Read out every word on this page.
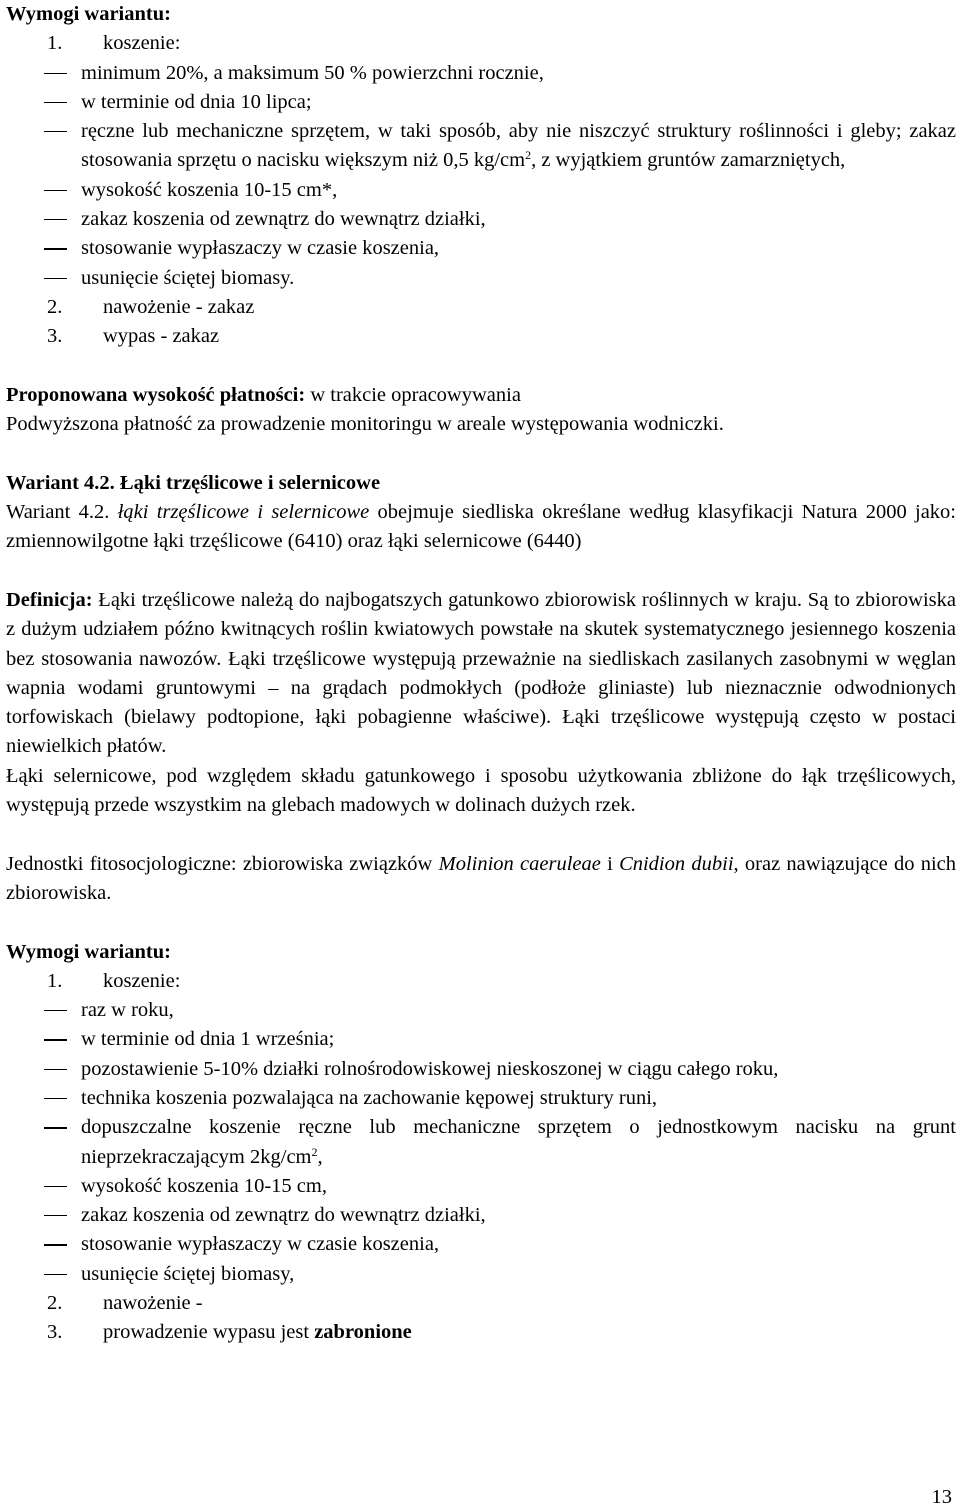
Wymogi wariantu:
1.	koszenie:
minimum 20%, a maksimum 50 % powierzchni rocznie,
w terminie od dnia 10 lipca;
ręczne lub mechaniczne sprzętem, w taki sposób, aby nie niszczyć struktury roślinności i gleby; zakaz stosowania sprzętu o nacisku większym niż 0,5 $kg/cm^2$, z wyjątkiem gruntów zamarzniętych,
wysokość koszenia 10-15 cm*,
zakaz koszenia od zewnątrz do wewnątrz działki,
stosowanie wypłaszaczy w czasie koszenia,
usunięcie ściętej biomasy.
2.	nawożenie - zakaz
3.	wypas - zakaz
Proponowana wysokość płatności: w trakcie opracowywania
Podwyższona płatność za prowadzenie monitoringu w areale występowania wodniczki.
Wariant 4.2. Łąki trzęślicowe i selernicowe
Wariant 4.2. łąki trzęślicowe i selernicowe obejmuje siedliska określane według klasyfikacji Natura 2000 jako: zmiennowilgotne łąki trzęślicowe (6410) oraz łąki selernicowe (6440)
Definicja: Łąki trzęślicowe należą do najbogatszych gatunkowo zbiorowisk roślinnych w kraju. Są to zbiorowiska z dużym udziałem późno kwitnących roślin kwiatowych powstałe na skutek systematycznego jesiennego koszenia bez stosowania nawozów. Łąki trzęślicowe występują przeważnie na siedliskach zasilanych zasobnymi w węglan wapnia wodami gruntowymi – na grądach podmokłych (podłoże gliniaste) lub nieznacznie odwodnionych torfowiskach (bielawy podtopione, łąki pobagienne właściwe). Łąki trzęślicowe występują często w postaci niewielkich płatów.
Łąki selernicowe, pod względem składu gatunkowego i sposobu użytkowania zbliżone do łąk trzęślicowych, występują przede wszystkim na glebach madowych w dolinach dużych rzek.
Jednostki fitosocjologiczne: zbiorowiska związków Molinion caeruleae i Cnidion dubii, oraz nawiązujące do nich zbiorowiska.
Wymogi wariantu:
1.	koszenie:
raz w roku,
w terminie od dnia 1 września;
pozostawienie 5-10% działki rolnośrodowiskowej nieskoszonej w ciągu całego roku,
technika koszenia pozwalająca na zachowanie kępowej struktury runi,
dopuszczalne koszenie ręczne lub mechaniczne sprzętem o jednostkowym nacisku na grunt nieprzekraczającym $2kg/cm^2$,
wysokość koszenia 10-15 cm,
zakaz koszenia od zewnątrz do wewnątrz działki,
stosowanie wypłaszaczy w czasie koszenia,
usunięcie ściętej biomasy,
2.	nawożenie -
3.	prowadzenie wypasu jest zabronione
13
